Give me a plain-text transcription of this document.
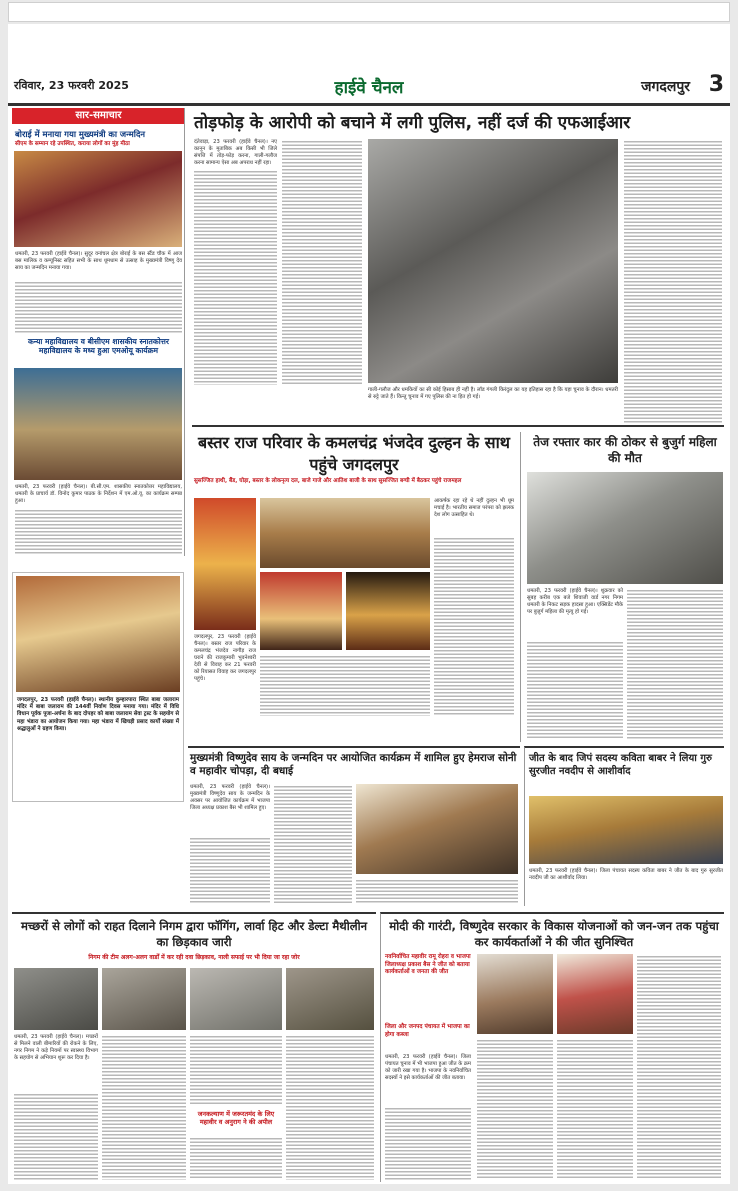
रविवार, 23 फरवरी 2025	हाईवे चैनल	जगदलपुर 3
सार-समाचार
बोराई में मनाया गया मुख्यमंत्री का जन्मदिन
सीएम के सम्मान रहे उपस्थित, कराया लोगों का मुंह मीठा
धमतरी, 23 फरवरी (हाईवे चैनल)। सुदूर वनांचल क्षेत्र बोराई के बस स्टैंड चौक में आज बस मालिक व कम्यूनिस्ट सहित सभी के साथ धूमधाम से उत्साह के मुख्यमंत्री विष्णु देव साय का जन्मदिन मनाया गया।
कन्या महाविद्यालय व बीसीएम शासकीय स्नातकोत्तर महाविद्यालय के मध्य हुआ एमओयू कार्यक्रम
धमतरी, 23 फरवरी (हाईवे चैनल)। बी.सी.एम. शासकीय स्नातकोत्तर महाविद्यालय, धमतरी के प्राचार्य डॉ. विनोद कुमार पाठक के निर्देशन में एम.ओ.यू. का कार्यक्रम सम्पन्न हुआ।
तोड़फोड़ के आरोपी को बचाने में लगी पुलिस, नहीं दर्ज की एफआईआर
दंतेवाड़ा, 23 फरवरी (हाईवे चैनल)। नए कानून के मुताबिक अब किसी भी जिले संपत्ति में तोड़-फोड़ करना, गाली-गलौज करना सामान्य ऐसा अब अपराध नहीं रहा।
गाली-गलौज और धमकियों का सी कोई हिसाब ही नहीं है। लॉड गंगली किरंदुल का यह इतिहास रहा है कि यहा चुनाव के दौरान। धमतरी से रुट्टे जाते हैं। किन्तु चुनाव में गए पुलिस की ना हित हो गई।
बस्तर राज परिवार के कमलचंद्र भंजदेव दुल्हन के साथ पहुंचे जगदलपुर
सुसज्जित हाथी, बैंड, घोड़ा, बस्तर के लोकनृत्य दल, बाजे गाजे और आतिश बाजी के साथ सुसज्जित बग्घी में बैठकर पहुंचे राजमहल
जगदलपुर, 23 फरवरी (हाईवे चैनल)। बस्तर राज परिवार के कमलचंद्र भंजदेव नागौड़ राज घराने की राजकुमारी भुवनेश्वरी देवी से विवाह कर 21 फरवरी को रियासत विवाह कर जगदलपुर पहुंचे।
आकर्षक रहा रहे थे नहीं दुल्हन भी धूम मचाई है। भारतीय समाज परंपरा को झलक देश लोग उत्साहित थे।
तेज रफ्तार कार की ठोकर से बुजुर्ग महिला की मौत
धमतरी, 23 फरवरी (हाईवे चैनल)। शुक्रवार को सुबह करीब एक बजे शिवाजी वार्ड नगर निगम धमतरी के निकट सड़क हादसा हुआ। एक्सिडेंट मौके पर बुजुर्ग महिला की मृत्यु हो गई।
जगदलपुर, 23 फरवरी (हाईवे चैनल)। स्थानीय कुम्हारपारा स्थित बाबा जलाराम मंदिर में बाबा जलाराम की 144वीं निर्वाण दिवस मनाया गया। मंदिर में विधि विधान पूर्वक पूजा-अर्चना के बाद दोपहर को बाबा जलाराम सेवा ट्रस्ट के सहयोग से महा भंडारा का आयोजन किया गया। महा भंडारा में खिचड़ी प्रसाद कार्यों संख्या में श्रद्धालुओं ने ग्रहण किया।
मुख्यमंत्री विष्णुदेव साय के जन्मदिन पर आयोजित कार्यक्रम में शामिल हुए हेमराज सोनी व महावीर चोपड़ा, दी बधाई
धमतरी, 23 फरवरी (हाईवे चैनल)। मुख्यमंत्री विष्णुदेव साय के जन्मदिन के अवसर पर आयोजित कार्यक्रम में भाजपा जिला अध्यक्ष प्रकाश बैस भी शामिल हुए।
जीत के बाद जिपं सदस्य कविता बाबर ने लिया गुरु सुरजीत नवदीप से आशीर्वाद
धमतरी, 23 फरवरी (हाईवे चैनल)। जिला पंचायत सदस्य कविता बाबर ने जीत के बाद गुरु सुरजीत नवदीप जी का आशीर्वाद लिया।
मच्छरों से लोगों को राहत दिलाने निगम द्वारा फॉगिंग, लार्वा हिट और डेल्टा मैथीलीन का छिड़काव जारी
निगम की टीम अलग-अलग वार्डों में कर रही दवा छिड़काव, नाली सफाई पर भी दिया जा रहा जोर
धमतरी, 23 फरवरी (हाईवे चैनल)। मच्छरों से मिलने वाली बीमारियों की रोकने के लिए, नगर निगम ने कड़े नियमों पर स्वास्थ्य विभाग के सहयोग से अभियान शुरू कर दिया है।
जनकल्याण में जरूरतमंद के लिए महावीर व अनुराग ने की अपील
मोदी की गारंटी, विष्णुदेव सरकार के विकास योजनाओं को जन-जन तक पहुंचा कर कार्यकर्ताओं ने की जीत सुनिश्चित
नवनिर्वाचित महावीर रामू रोहरा व भाजपा जिलाध्यक्ष प्रकाश बैस ने जीत को बताया कार्यकर्ताओं व जनता की जीत
जिला और जनपद पंचायत में भाजपा का होगा कब्जा
धमतरी, 23 फरवरी (हाईवे चैनल)। जिला पंचायत चुनाव में भी भाजपा हुआ जीत के क्रम को जारी रखा गया है। भाजपा के नवनिर्वाचित सदस्यों ने इसे कार्यकर्ताओं की जीत बताया।
